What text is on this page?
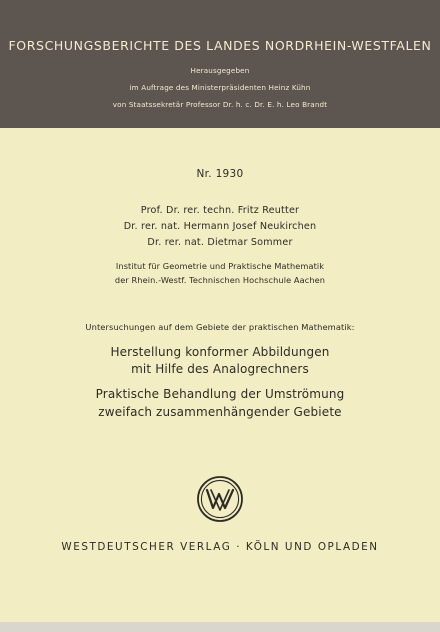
FORSCHUNGSBERICHTE DES LANDES NORDRHEIN-WESTFALEN
Herausgegeben
im Auftrage des Ministerpräsidenten Heinz Kühn
von Staatssekretär Professor Dr. h. c. Dr. E. h. Leo Brandt
Nr. 1930
Prof. Dr. rer. techn. Fritz Reutter
Dr. rer. nat. Hermann Josef Neukirchen
Dr. rer. nat. Dietmar Sommer
Institut für Geometrie und Praktische Mathematik
der Rhein.-Westf. Technischen Hochschule Aachen
Untersuchungen auf dem Gebiete der praktischen Mathematik:
Herstellung konformer Abbildungen
mit Hilfe des Analogrechners
Praktische Behandlung der Umströmung
zweifach zusammenhängender Gebiete
WESTDEUTSCHER VERLAG · KÖLN UND OPLADEN
